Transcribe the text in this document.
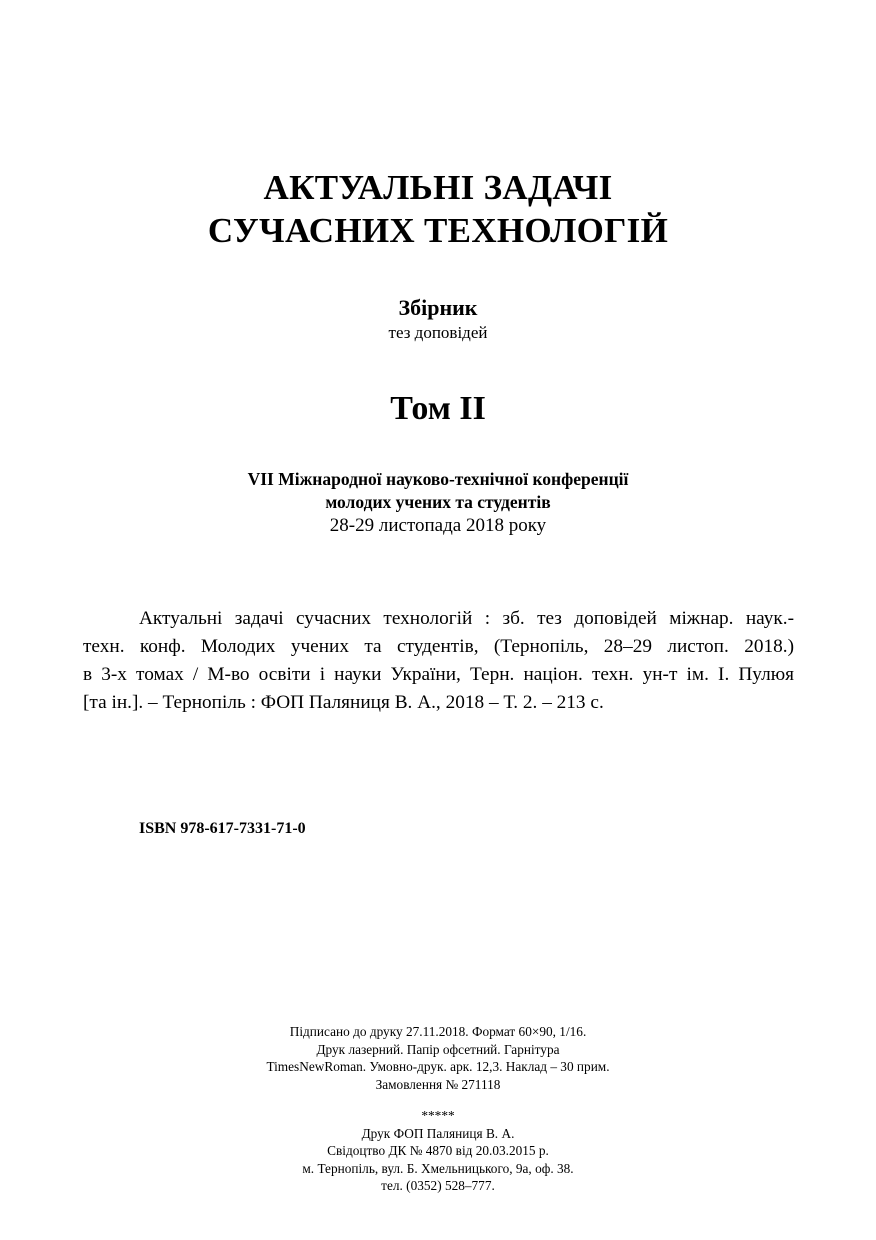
АКТУАЛЬНІ ЗАДАЧІ
СУЧАСНИХ ТЕХНОЛОГІЙ
Збірник
тез доповідей
Том II
VII Міжнародної науково-технічної конференції
молодих учених та студентів
28-29 листопада 2018 року
Актуальні задачі сучасних технологій : зб. тез доповідей міжнар. наук.-
техн. конф. Молодих учених та студентів, (Тернопіль, 28–29 листоп. 2018.)
в 3-х томах / М-во освіти і науки України, Терн. націон. техн. ун-т ім. І. Пулюя
[та ін.]. – Тернопіль : ФОП Паляниця В. А., 2018 – Т. 2. – 213 с.
ISBN 978-617-7331-71-0
Підписано до друку 27.11.2018. Формат 60×90, 1/16.
Друк лазерний. Папір офсетний. Гарнітура
TimesNewRoman. Умовно-друк. арк. 12,3. Наклад – 30 прим.
Замовлення № 271118
*****
Друк ФОП Паляниця В. А.
Свідоцтво ДК № 4870 від 20.03.2015 р.
м. Тернопіль, вул. Б. Хмельницького, 9а, оф. 38.
тел. (0352) 528–777.
